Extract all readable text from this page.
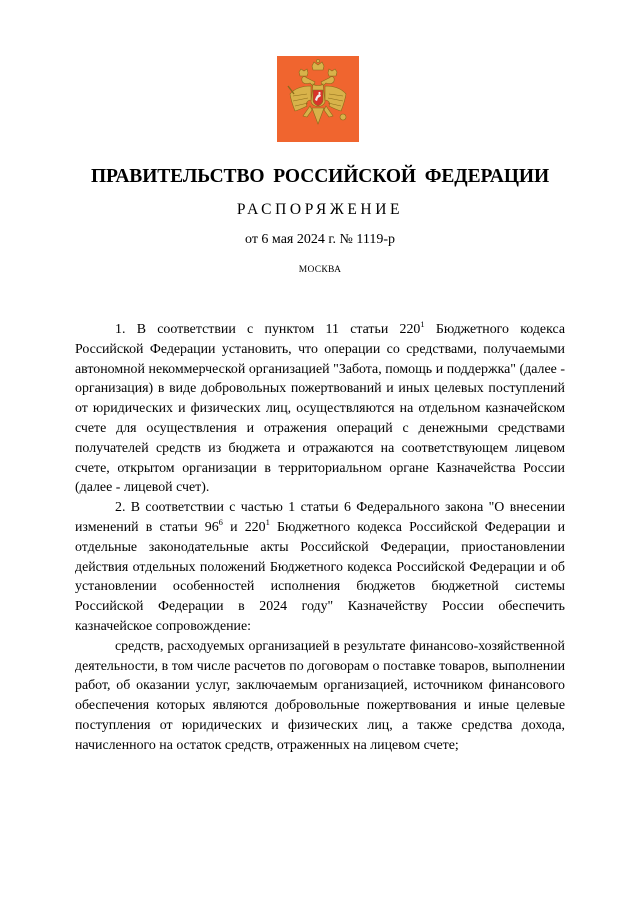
ПРАВИТЕЛЬСТВО РОССИЙСКОЙ ФЕДЕРАЦИИ
РАСПОРЯЖЕНИЕ
от 6 мая 2024 г. № 1119-р
МОСКВА

1. В соответствии с пунктом 11 статьи $220^1$ Бюджетного кодекса Российской Федерации установить, что операции со средствами, получаемыми автономной некоммерческой организацией "Забота, помощь и поддержка" (далее - организация) в виде добровольных пожертвований и иных целевых поступлений от юридических и физических лиц, осуществляются на отдельном казначейском счете для осуществления и отражения операций с денежными средствами получателей средств из бюджета и отражаются на соответствующем лицевом счете, открытом организации в территориальном органе Казначейства России (далее - лицевой счет).

2. В соответствии с частью 1 статьи 6 Федерального закона "О внесении изменений в статьи $96^6$ и $220^1$ Бюджетного кодекса Российской Федерации и отдельные законодательные акты Российской Федерации, приостановлении действия отдельных положений Бюджетного кодекса Российской Федерации и об установлении особенностей исполнения бюджетов бюджетной системы Российской Федерации в 2024 году" Казначейству России обеспечить казначейское сопровождение:

средств, расходуемых организацией в результате финансово-хозяйственной деятельности, в том числе расчетов по договорам о поставке товаров, выполнении работ, об оказании услуг, заключаемым организацией, источником финансового обеспечения которых являются добровольные пожертвования и иные целевые поступления от юридических и физических лиц, а также средства дохода, начисленного на остаток средств, отраженных на лицевом счете;
